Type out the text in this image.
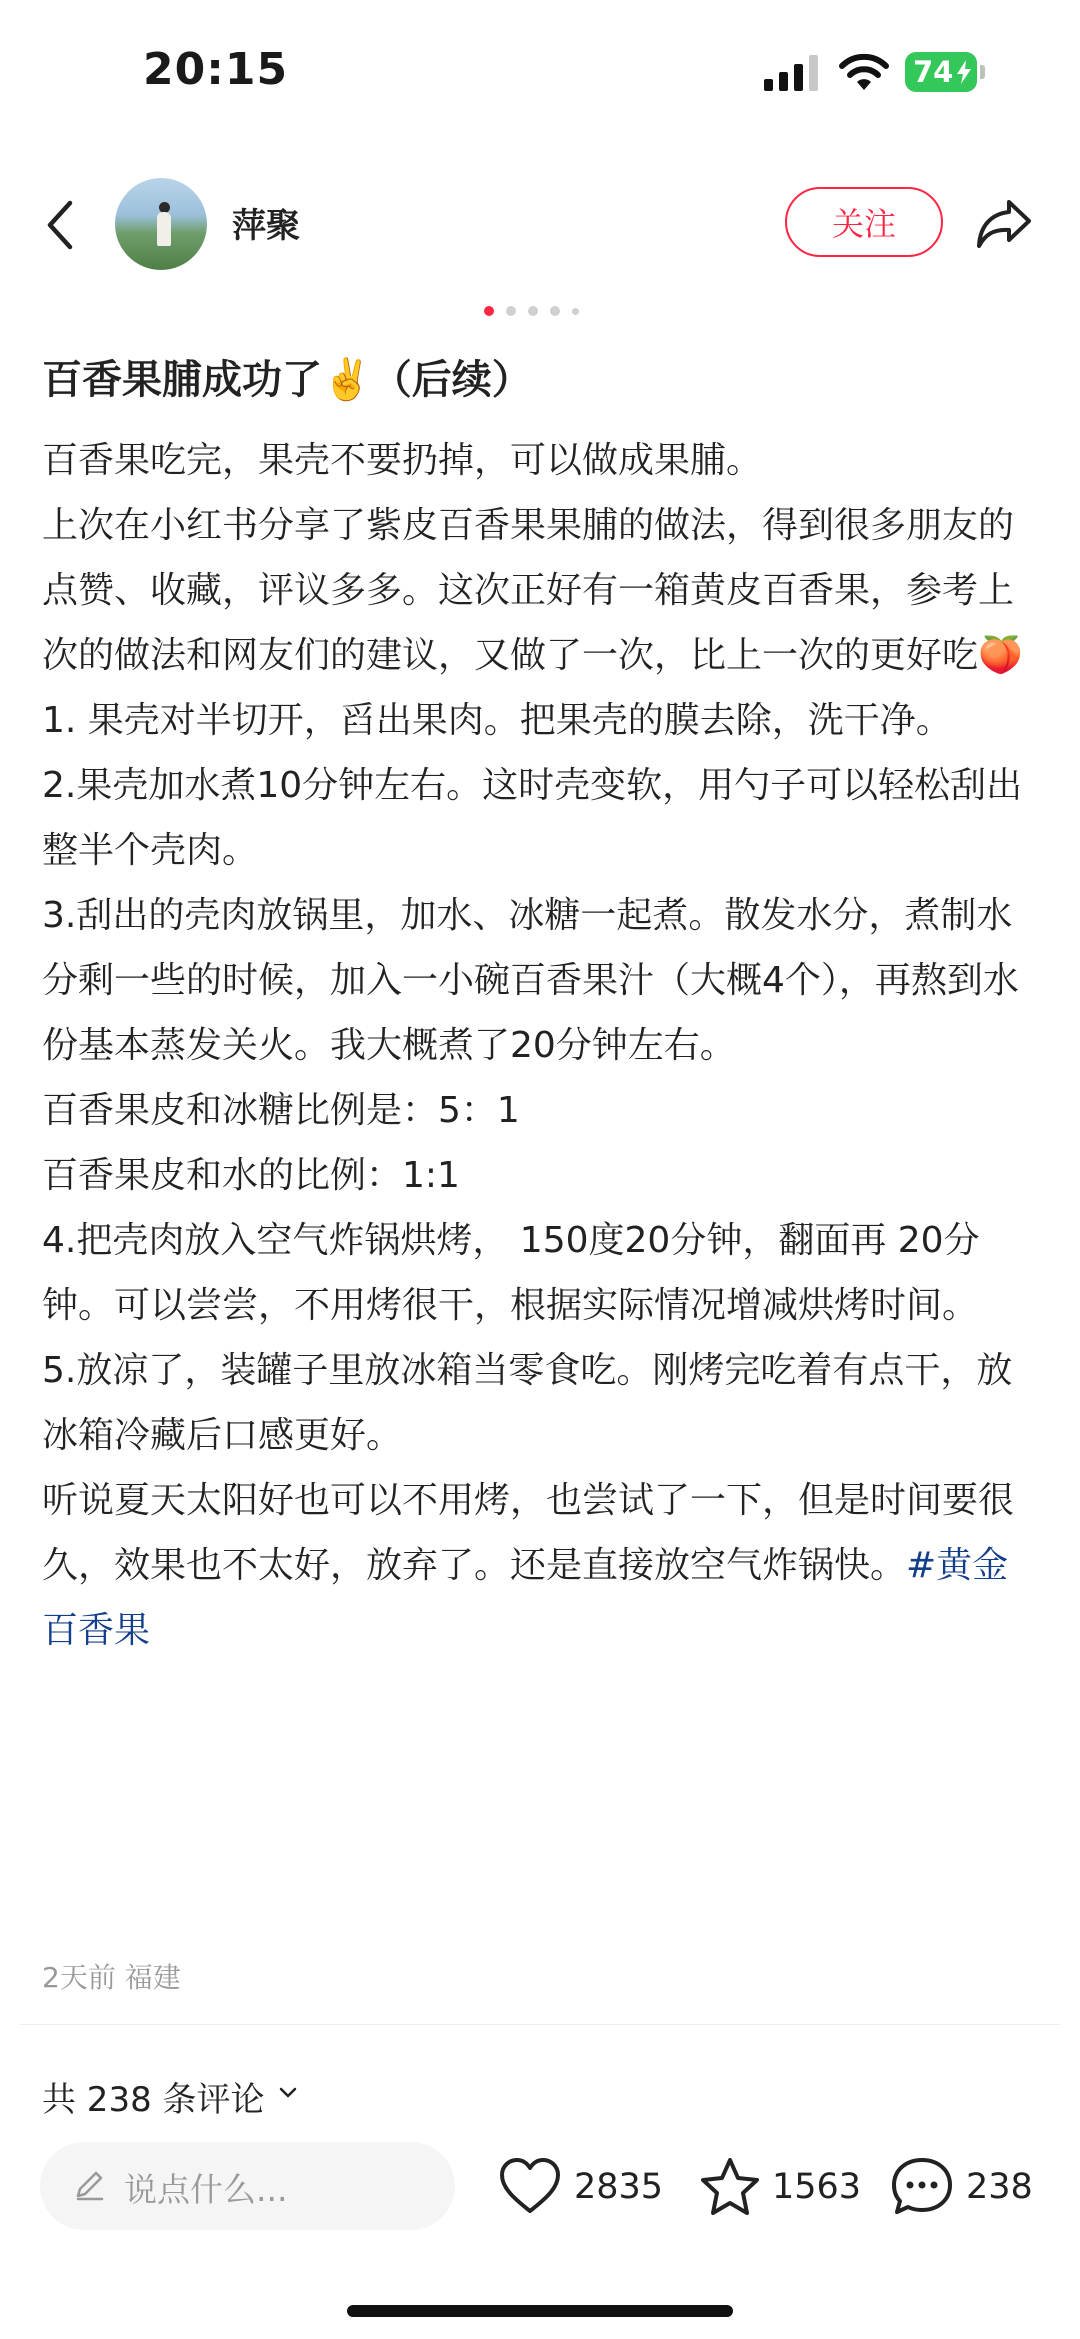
20:15	74
萍聚	关注
百香果脯成功了✌️（后续）

百香果吃完，果壳不要扔掉，可以做成果脯。

上次在小红书分享了紫皮百香果果脯的做法，得到很多朋友的点赞、收藏，评议多多。这次正好有一箱黄皮百香果，参考上次的做法和网友们的建议，又做了一次，比上一次的更好吃🍑

1. 果壳对半切开，舀出果肉。把果壳的膜去除，洗干净。

2.果壳加水煮10分钟左右。这时壳变软，用勺子可以轻松刮出整半个壳肉。

3.刮出的壳肉放锅里，加水、冰糖一起煮。散发水分，煮制水分剩一些的时候，加入一小碗百香果汁（大概4个），再熬到水份基本蒸发关火。我大概煮了20分钟左右。

百香果皮和冰糖比例是：5：1

百香果皮和水的比例：1:1

4.把壳肉放入空气炸锅烘烤， 150度20分钟，翻面再 20分钟。可以尝尝，不用烤很干，根据实际情况增减烘烤时间。

5.放凉了，装罐子里放冰箱当零食吃。刚烤完吃着有点干，放冰箱冷藏后口感更好。

听说夏天太阳好也可以不用烤，也尝试了一下，但是时间要很久，效果也不太好，放弃了。还是直接放空气炸锅快。#黄金百香果

2天前 福建
共 238 条评论
说点什么...	2835	1563	238
